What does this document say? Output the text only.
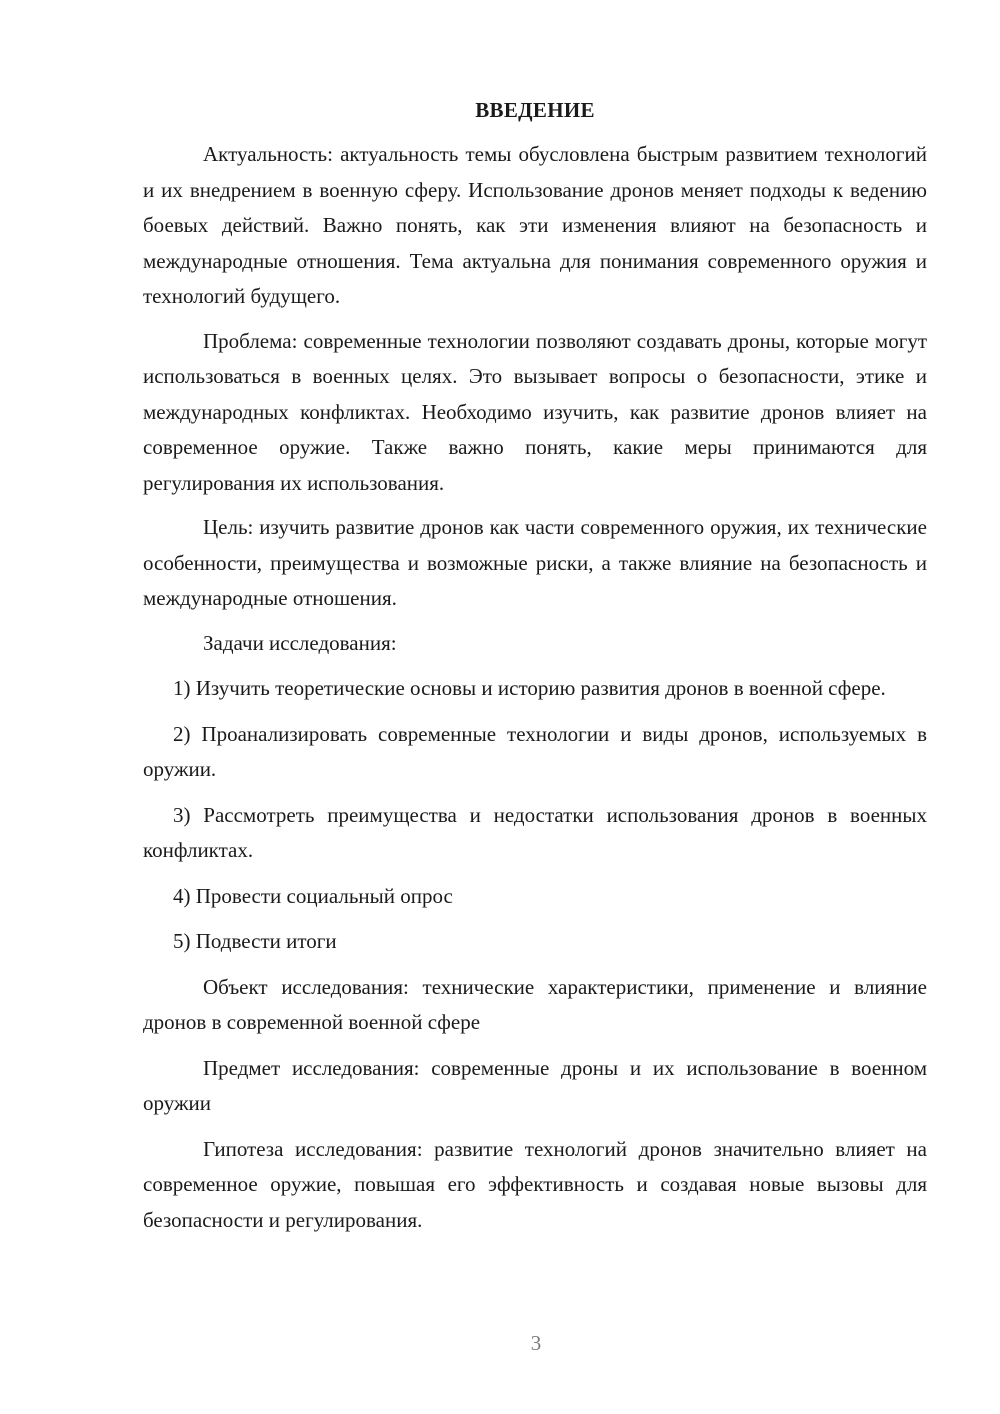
ВВЕДЕНИЕ

Актуальность: актуальность темы обусловлена быстрым развитием технологий и их внедрением в военную сферу. Использование дронов меняет подходы к ведению боевых действий. Важно понять, как эти изменения влияют на безопасность и международные отношения. Тема актуальна для понимания современного оружия и технологий будущего.

Проблема: современные технологии позволяют создавать дроны, которые могут использоваться в военных целях. Это вызывает вопросы о безопасности, этике и международных конфликтах. Необходимо изучить, как развитие дронов влияет на современное оружие. Также важно понять, какие меры принимаются для регулирования их использования.

Цель: изучить развитие дронов как части современного оружия, их технические особенности, преимущества и возможные риски, а также влияние на безопасность и международные отношения.

Задачи исследования:

1) Изучить теоретические основы и историю развития дронов в военной сфере.

2) Проанализировать современные технологии и виды дронов, используемых в оружии.

3) Рассмотреть преимущества и недостатки использования дронов в военных конфликтах.

4) Провести социальный опрос

5) Подвести итоги

Объект исследования: технические характеристики, применение и влияние дронов в современной военной сфере

Предмет исследования: современные дроны и их использование в военном оружии

Гипотеза исследования: развитие технологий дронов значительно влияет на современное оружие, повышая его эффективность и создавая новые вызовы для безопасности и регулирования.

3
